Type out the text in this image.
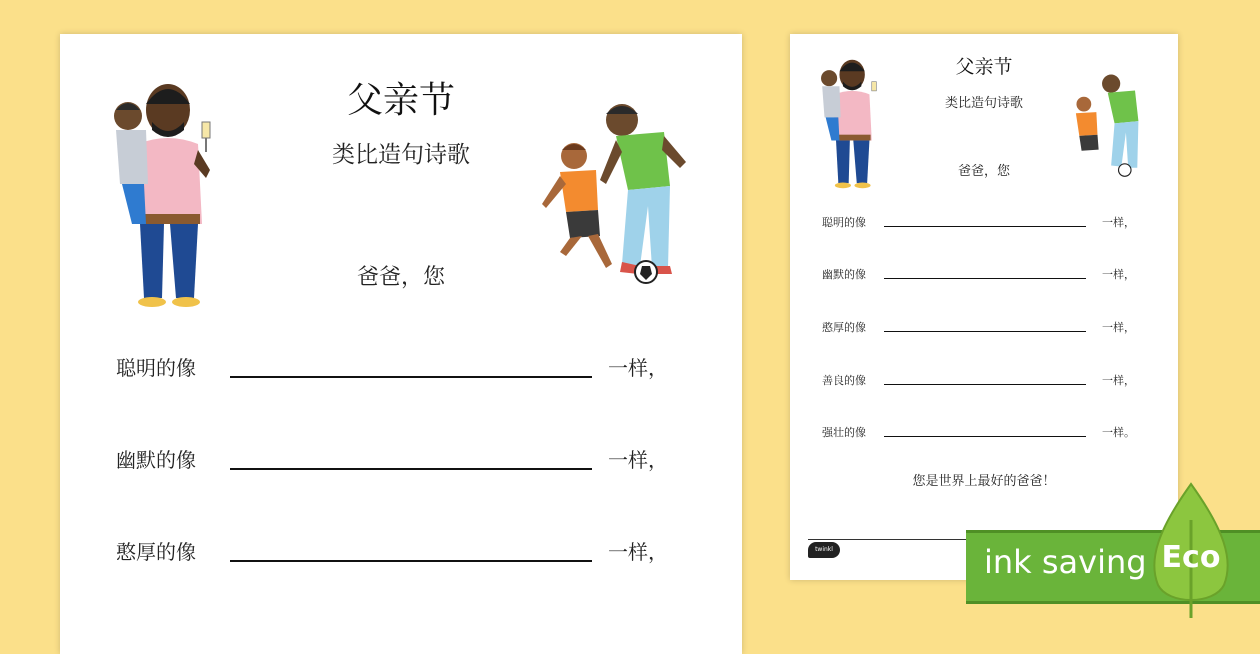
父亲节
类比造句诗歌
爸爸，您
聪明的像	一样，
幽默的像	一样，
憨厚的像	一样，
父亲节
类比造句诗歌
爸爸，您
聪明的像	一样，
幽默的像	一样，
憨厚的像	一样，
善良的像	一样，
强壮的像	一样。
您是世界上最好的爸爸！
twinkl	ink saving Eco
